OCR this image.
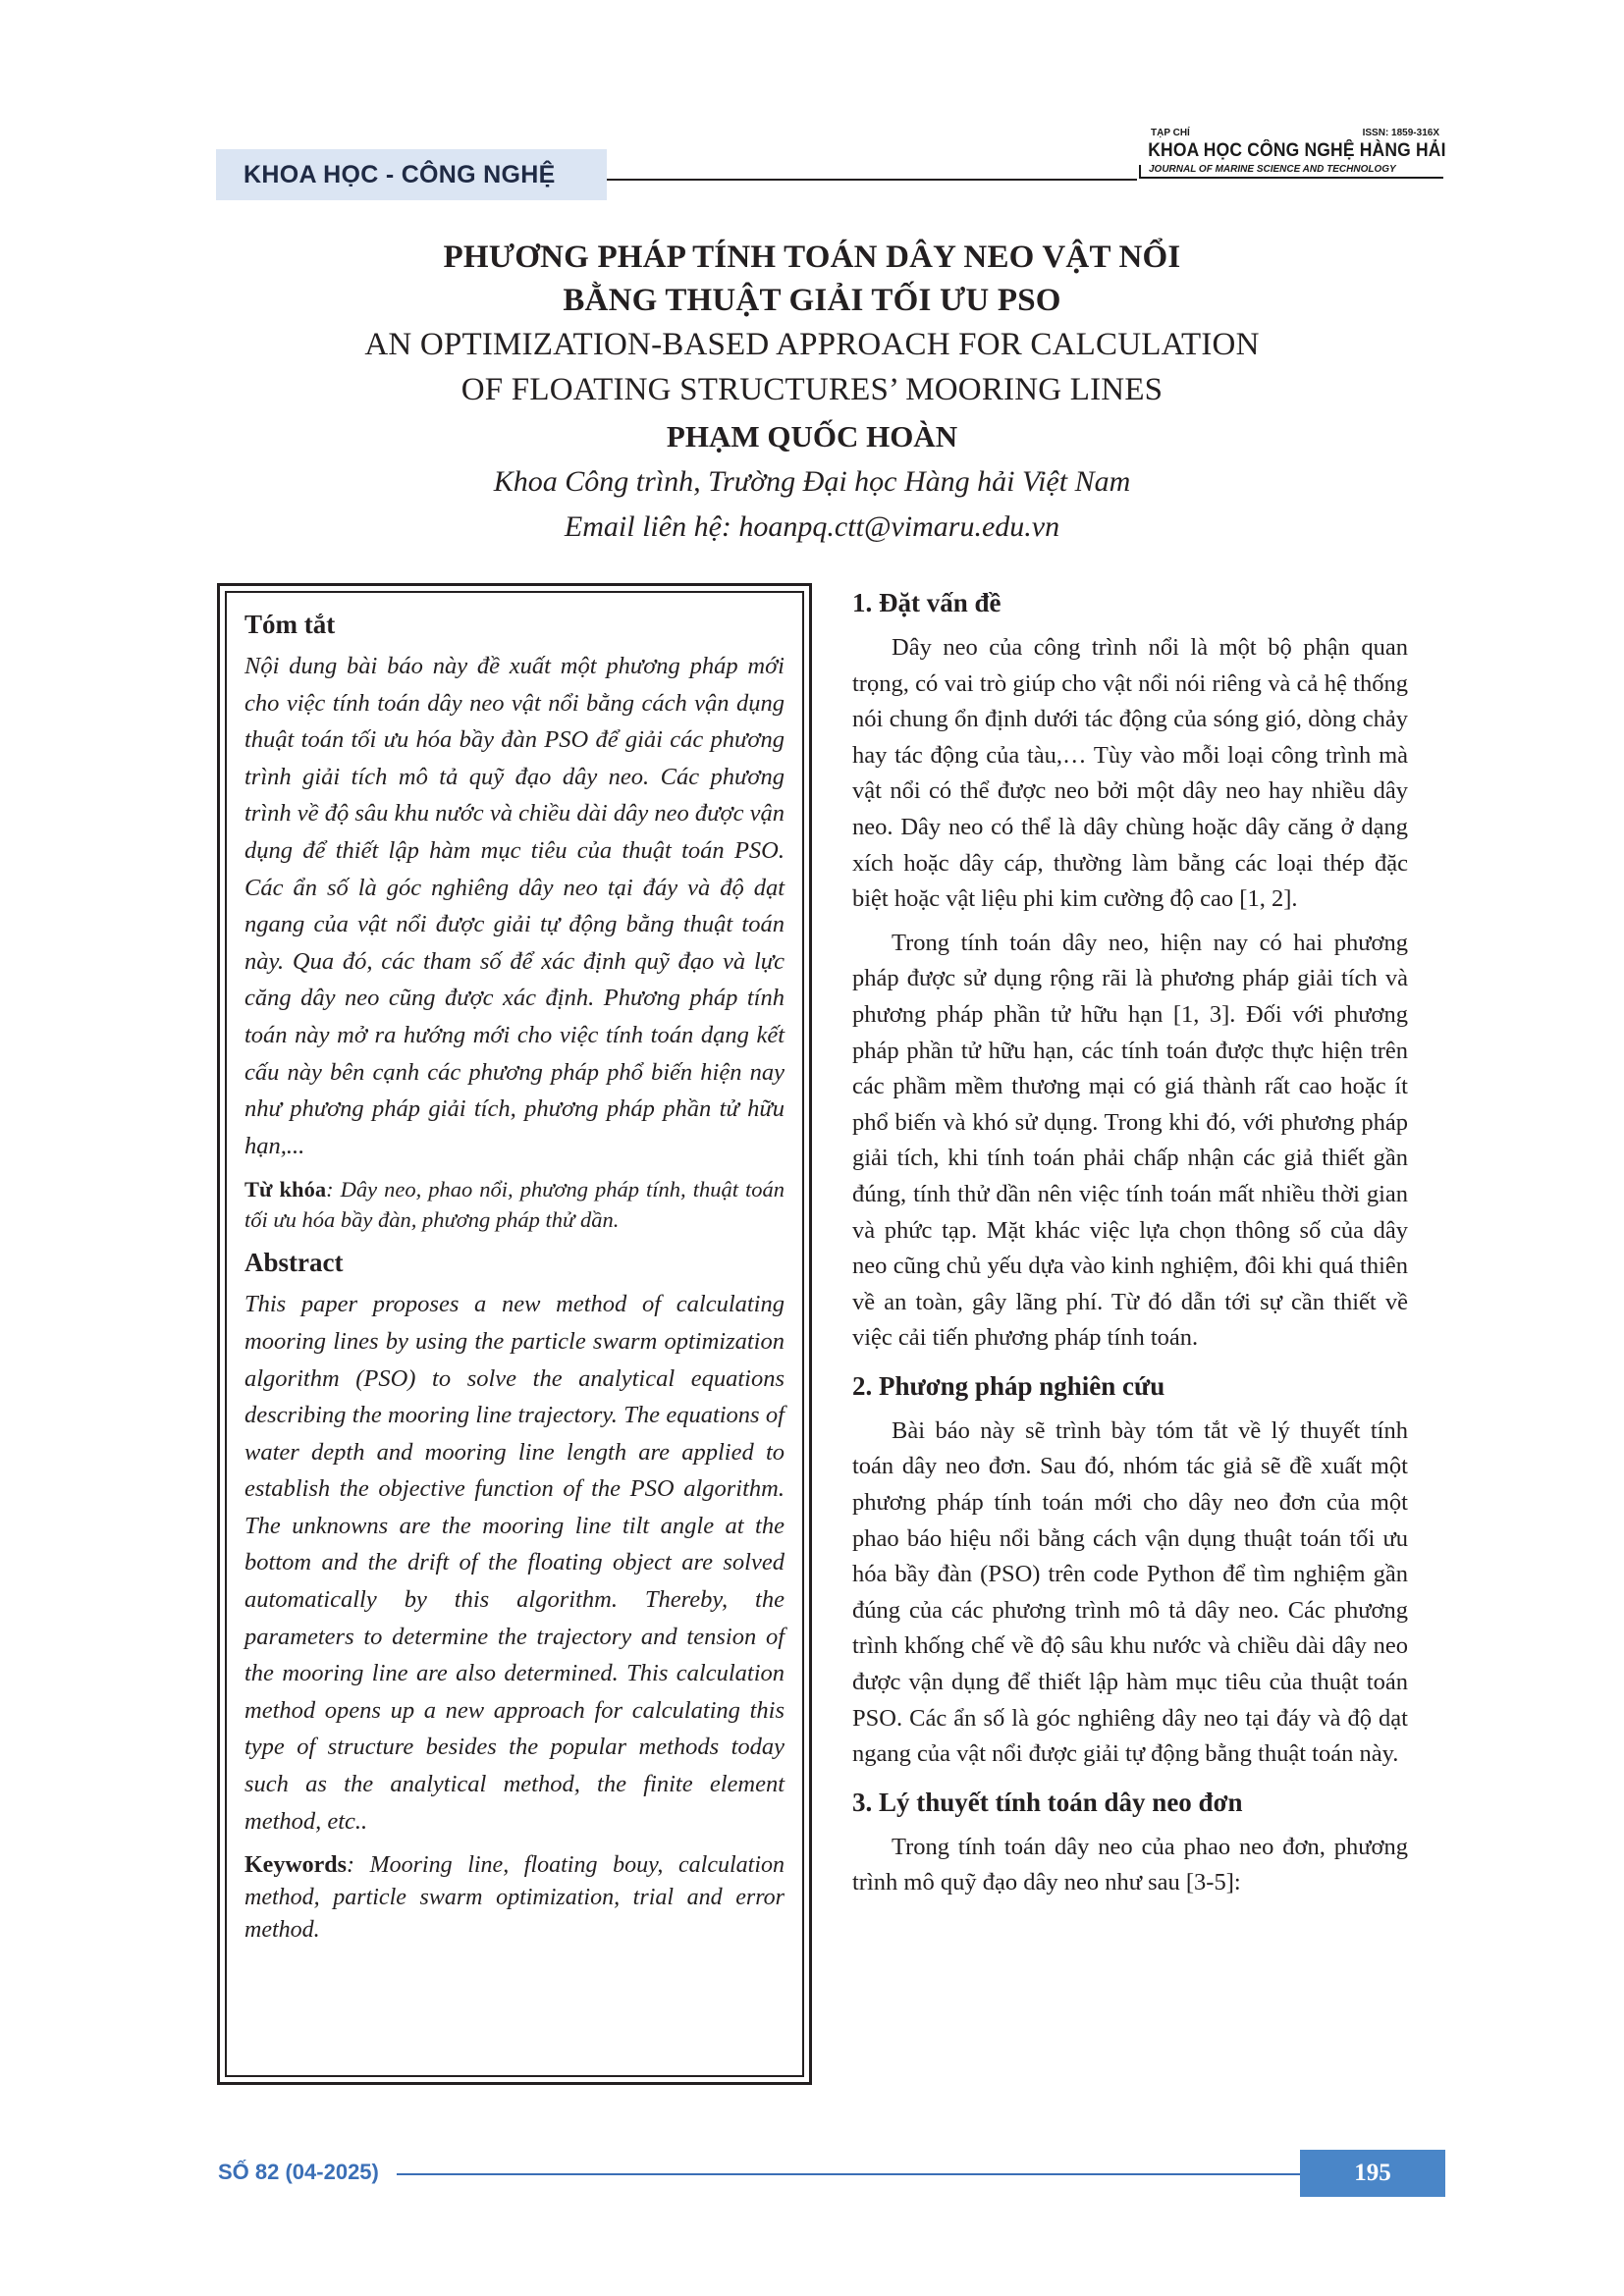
KHOA HỌC - CÔNG NGHỆ
TẠP CHÍ	ISSN: 1859-316X
KHOA HỌC CÔNG NGHỆ HÀNG HẢI
JOURNAL OF MARINE SCIENCE AND TECHNOLOGY
PHƯƠNG PHÁP TÍNH TOÁN DÂY NEO VẬT NỔI
BẰNG THUẬT GIẢI TỐI ƯU PSO
AN OPTIMIZATION-BASED APPROACH FOR CALCULATION
OF FLOATING STRUCTURES’ MOORING LINES
PHẠM QUỐC HOÀN
Khoa Công trình, Trường Đại học Hàng hải Việt Nam
Email liên hệ: hoanpq.ctt@vimaru.edu.vn
Tóm tắt
Nội dung bài báo này đề xuất một phương pháp mới cho việc tính toán dây neo vật nổi bằng cách vận dụng thuật toán tối ưu hóa bầy đàn PSO để giải các phương trình giải tích mô tả quỹ đạo dây neo. Các phương trình về độ sâu khu nước và chiều dài dây neo được vận dụng để thiết lập hàm mục tiêu của thuật toán PSO. Các ẩn số là góc nghiêng dây neo tại đáy và độ dạt ngang của vật nổi được giải tự động bằng thuật toán này. Qua đó, các tham số để xác định quỹ đạo và lực căng dây neo cũng được xác định. Phương pháp tính toán này mở ra hướng mới cho việc tính toán dạng kết cấu này bên cạnh các phương pháp phổ biến hiện nay như phương pháp giải tích, phương pháp phần tử hữu hạn,...
Từ khóa: Dây neo, phao nổi, phương pháp tính, thuật toán tối ưu hóa bầy đàn, phương pháp thử dần.
Abstract
This paper proposes a new method of calculating mooring lines by using the particle swarm optimization algorithm (PSO) to solve the analytical equations describing the mooring line trajectory. The equations of water depth and mooring line length are applied to establish the objective function of the PSO algorithm. The unknowns are the mooring line tilt angle at the bottom and the drift of the floating object are solved automatically by this algorithm. Thereby, the parameters to determine the trajectory and tension of the mooring line are also determined. This calculation method opens up a new approach for calculating this type of structure besides the popular methods today such as the analytical method, the finite element method, etc..
Keywords: Mooring line, floating bouy, calculation method, particle swarm optimization, trial and error method.
1. Đặt vấn đề

Dây neo của công trình nổi là một bộ phận quan trọng, có vai trò giúp cho vật nổi nói riêng và cả hệ thống nói chung ổn định dưới tác động của sóng gió, dòng chảy hay tác động của tàu,… Tùy vào mỗi loại công trình mà vật nổi có thể được neo bởi một dây neo hay nhiều dây neo. Dây neo có thể là dây chùng hoặc dây căng ở dạng xích hoặc dây cáp, thường làm bằng các loại thép đặc biệt hoặc vật liệu phi kim cường độ cao [1, 2].

Trong tính toán dây neo, hiện nay có hai phương pháp được sử dụng rộng rãi là phương pháp giải tích và phương pháp phần tử hữu hạn [1, 3]. Đối với phương pháp phần tử hữu hạn, các tính toán được thực hiện trên các phầm mềm thương mại có giá thành rất cao hoặc ít phổ biến và khó sử dụng. Trong khi đó, với phương pháp giải tích, khi tính toán phải chấp nhận các giả thiết gần đúng, tính thử dần nên việc tính toán mất nhiều thời gian và phức tạp. Mặt khác việc lựa chọn thông số của dây neo cũng chủ yếu dựa vào kinh nghiệm, đôi khi quá thiên về an toàn, gây lãng phí. Từ đó dẫn tới sự cần thiết về việc cải tiến phương pháp tính toán.

2. Phương pháp nghiên cứu

Bài báo này sẽ trình bày tóm tắt về lý thuyết tính toán dây neo đơn. Sau đó, nhóm tác giả sẽ đề xuất một phương pháp tính toán mới cho dây neo đơn của một phao báo hiệu nổi bằng cách vận dụng thuật toán tối ưu hóa bầy đàn (PSO) trên code Python để tìm nghiệm gần đúng của các phương trình mô tả dây neo. Các phương trình khống chế về độ sâu khu nước và chiều dài dây neo được vận dụng để thiết lập hàm mục tiêu của thuật toán PSO. Các ẩn số là góc nghiêng dây neo tại đáy và độ dạt ngang của vật nổi được giải tự động bằng thuật toán này.

3. Lý thuyết tính toán dây neo đơn

Trong tính toán dây neo của phao neo đơn, phương trình mô quỹ đạo dây neo như sau [3-5]:

SỐ 82 (04-2025)	195
